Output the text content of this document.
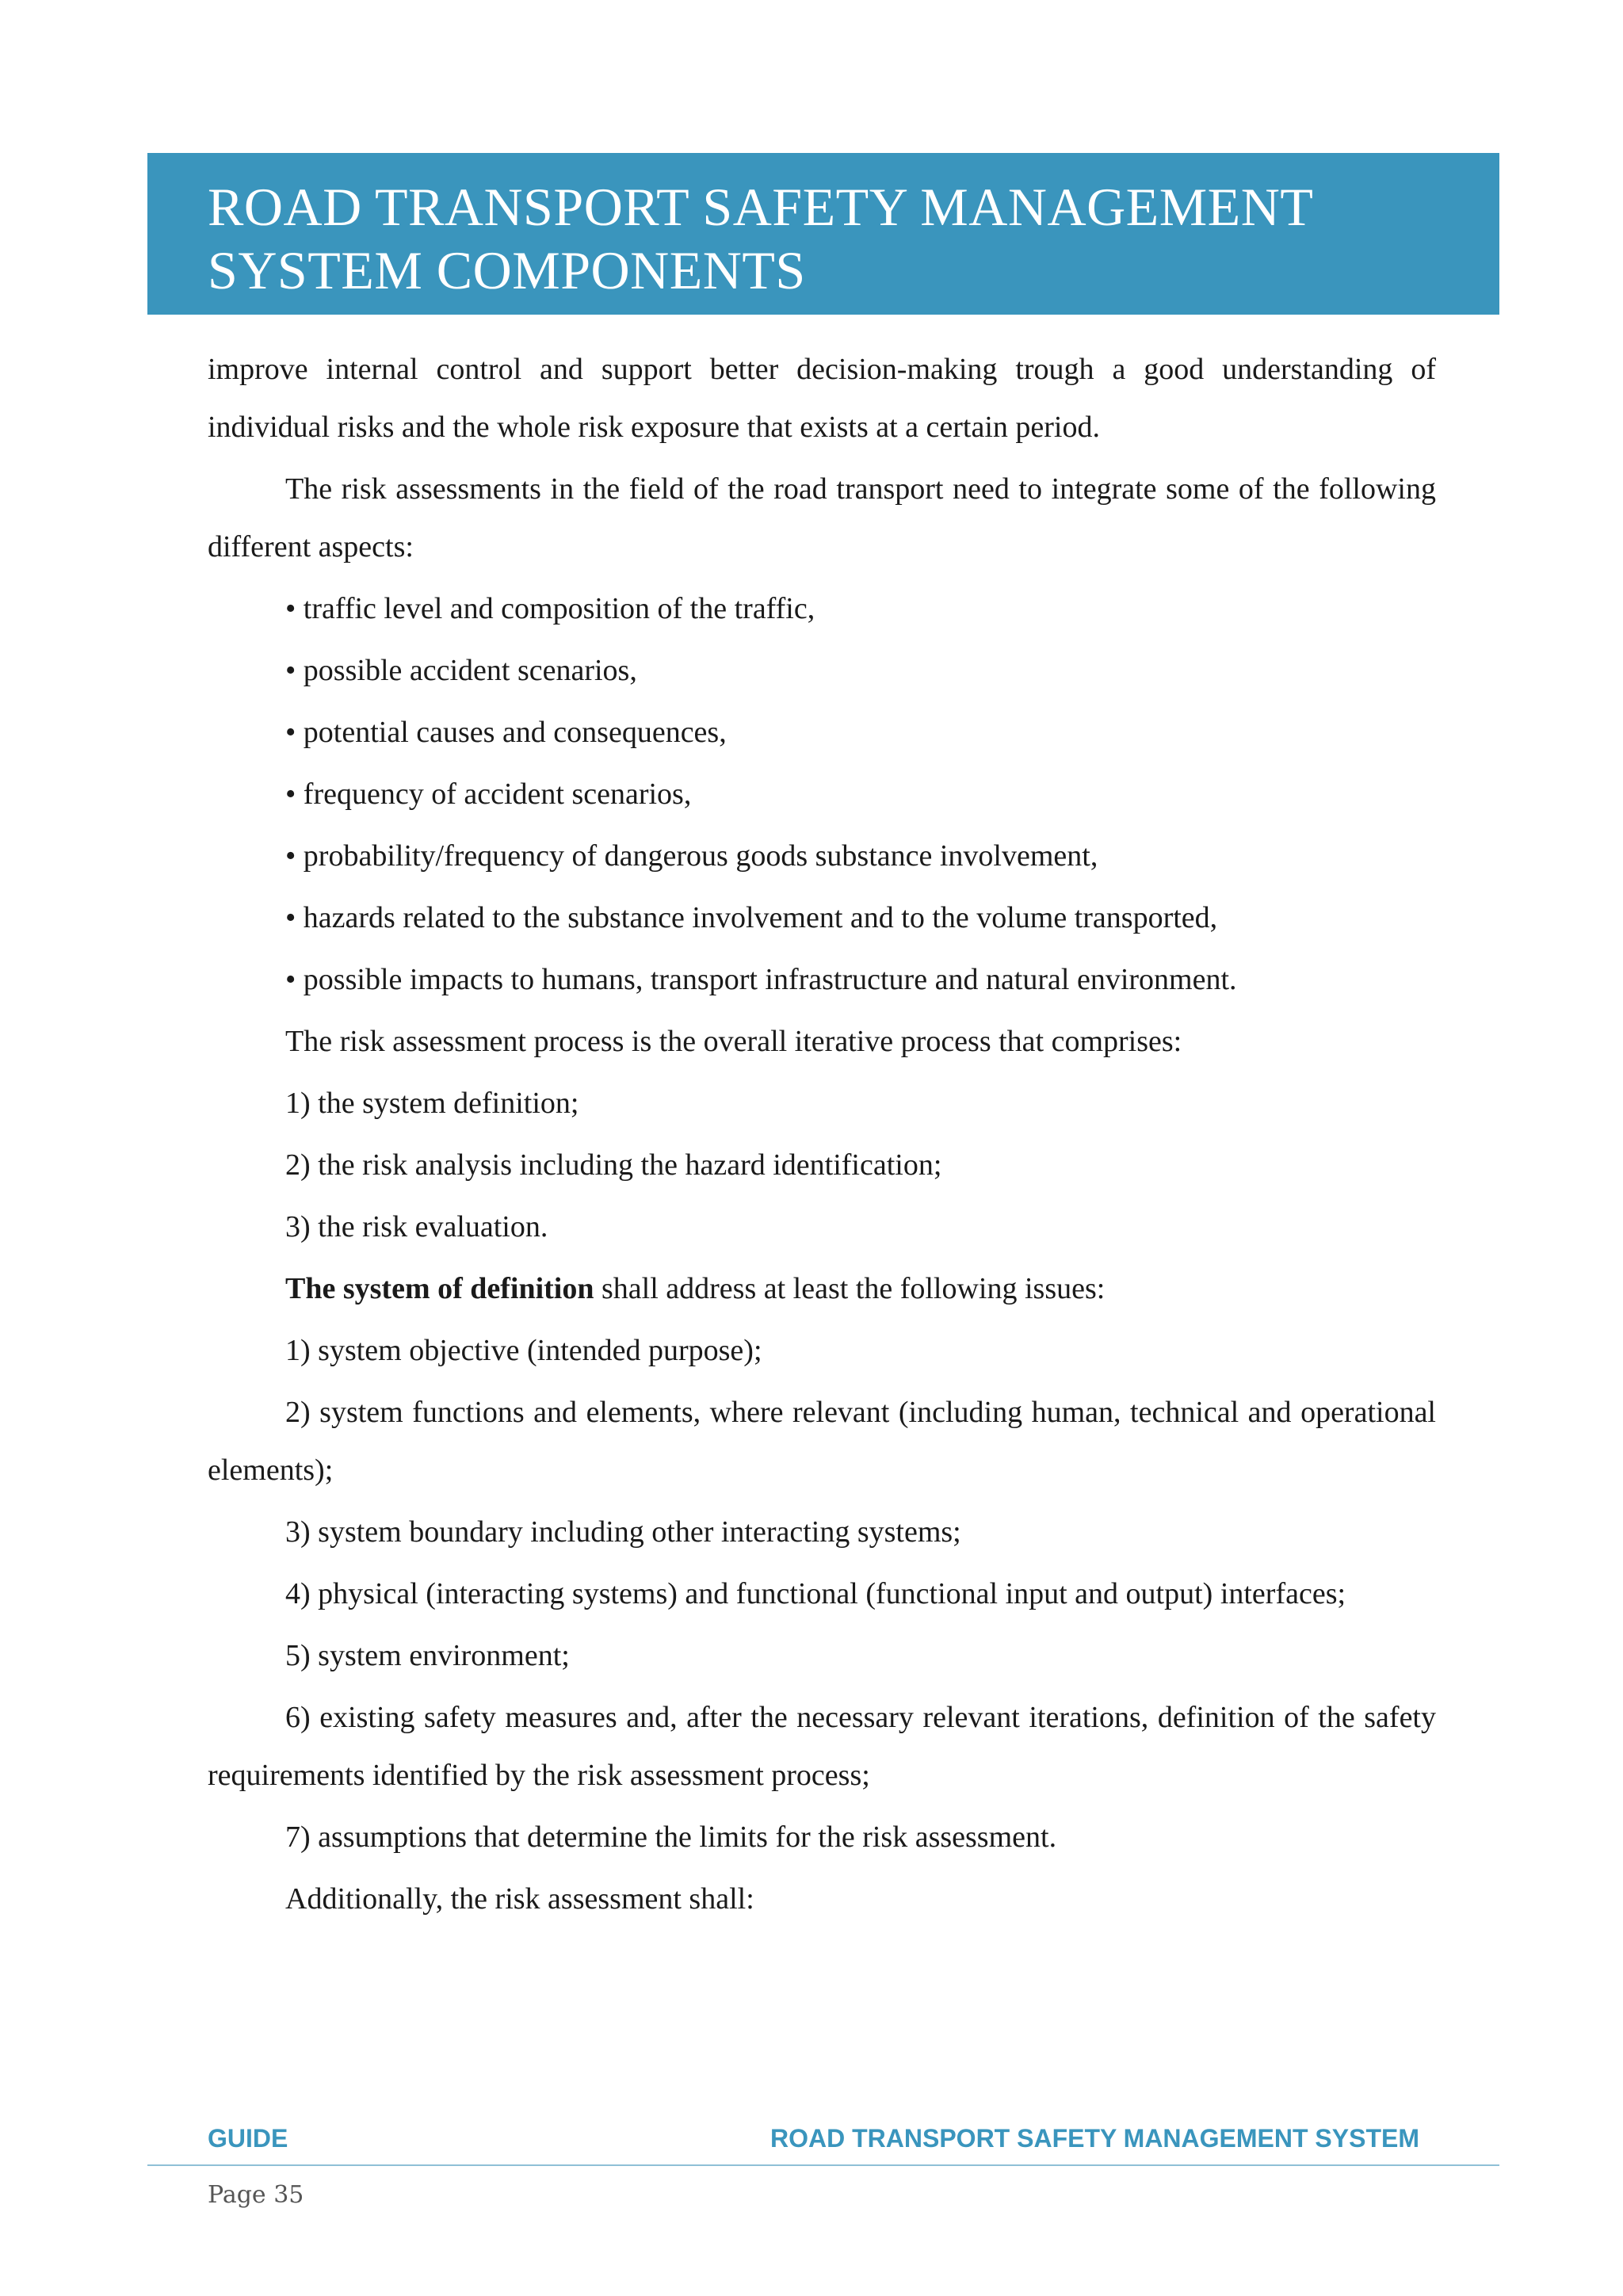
ROAD TRANSPORT SAFETY MANAGEMENT
SYSTEM COMPONENTS

improve internal control and support better decision-making trough a good understanding of individual risks and the whole risk exposure that exists at a certain period.

The risk assessments in the field of the road transport need to integrate some of the following different aspects:

• traffic level and composition of the traffic,

• possible accident scenarios,

• potential causes and consequences,

• frequency of accident scenarios,

• probability/frequency of dangerous goods substance involvement,

• hazards related to the substance involvement and to the volume transported,

• possible impacts to humans, transport infrastructure and natural environment.

The risk assessment process is the overall iterative process that comprises:

1) the system definition;

2) the risk analysis including the hazard identification;

3) the risk evaluation.

The system of definition shall address at least the following issues:

1) system objective (intended purpose);

2) system functions and elements, where relevant (including human, technical and operational elements);

3) system boundary including other interacting systems;

4) physical (interacting systems) and functional (functional input and output) interfaces;

5) system environment;

6) existing safety measures and, after the necessary relevant iterations, definition of the safety requirements identified by the risk assessment process;

7) assumptions that determine the limits for the risk assessment.

Additionally, the risk assessment shall:

GUIDE	ROAD TRANSPORT SAFETY MANAGEMENT SYSTEM
Page 35
